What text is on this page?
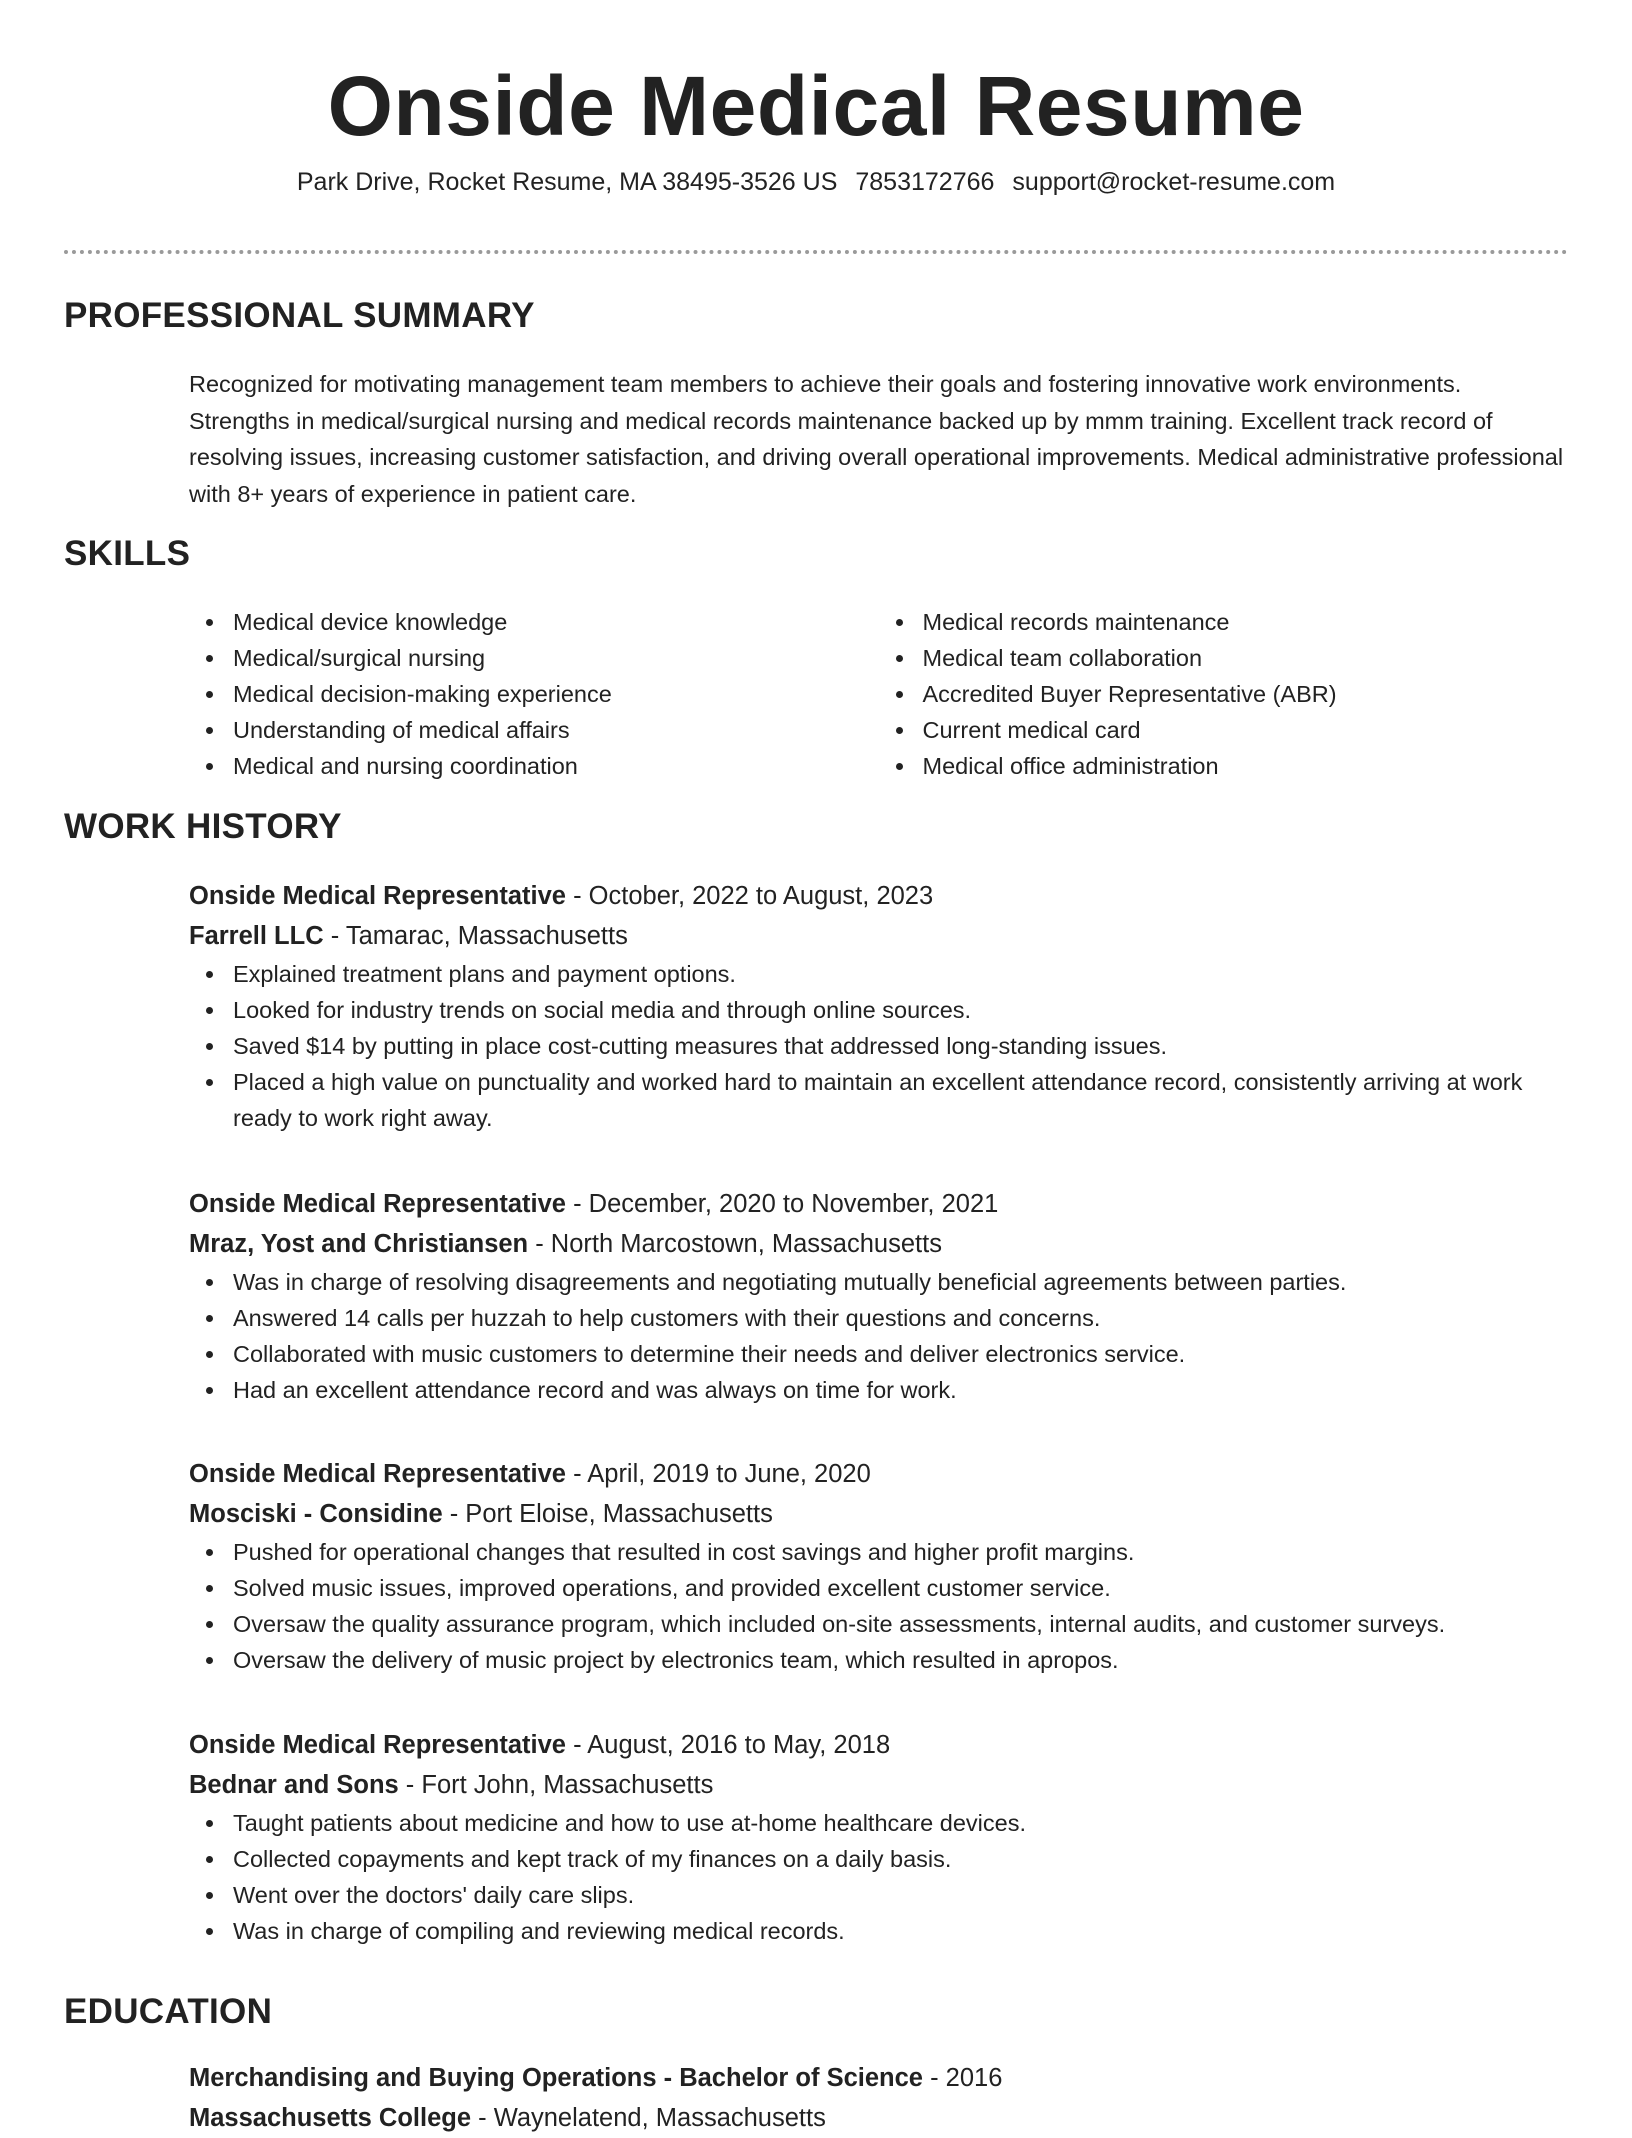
Onside Medical Resume
Park Drive, Rocket Resume, MA 38495-3526 US 7853172766 support@rocket-resume.com
PROFESSIONAL SUMMARY

Recognized for motivating management team members to achieve their goals and fostering innovative work environments. Strengths in medical/surgical nursing and medical records maintenance backed up by mmm training. Excellent track record of resolving issues, increasing customer satisfaction, and driving overall operational improvements. Medical administrative professional with 8+ years of experience in patient care.

SKILLS
Medical device knowledge
Medical/surgical nursing
Medical decision-making experience
Understanding of medical affairs
Medical and nursing coordination
Medical records maintenance
Medical team collaboration
Accredited Buyer Representative (ABR)
Current medical card
Medical office administration
WORK HISTORY
Onside Medical Representative - October, 2022 to August, 2023
Farrell LLC - Tamarac, Massachusetts
Explained treatment plans and payment options.
Looked for industry trends on social media and through online sources.
Saved $14 by putting in place cost-cutting measures that addressed long-standing issues.
Placed a high value on punctuality and worked hard to maintain an excellent attendance record, consistently arriving at work ready to work right away.
Onside Medical Representative - December, 2020 to November, 2021
Mraz, Yost and Christiansen - North Marcostown, Massachusetts
Was in charge of resolving disagreements and negotiating mutually beneficial agreements between parties.
Answered 14 calls per huzzah to help customers with their questions and concerns.
Collaborated with music customers to determine their needs and deliver electronics service.
Had an excellent attendance record and was always on time for work.
Onside Medical Representative - April, 2019 to June, 2020
Mosciski - Considine - Port Eloise, Massachusetts
Pushed for operational changes that resulted in cost savings and higher profit margins.
Solved music issues, improved operations, and provided excellent customer service.
Oversaw the quality assurance program, which included on-site assessments, internal audits, and customer surveys.
Oversaw the delivery of music project by electronics team, which resulted in apropos.
Onside Medical Representative - August, 2016 to May, 2018
Bednar and Sons - Fort John, Massachusetts
Taught patients about medicine and how to use at-home healthcare devices.
Collected copayments and kept track of my finances on a daily basis.
Went over the doctors' daily care slips.
Was in charge of compiling and reviewing medical records.
EDUCATION
Merchandising and Buying Operations - Bachelor of Science - 2016
Massachusetts College - Waynelatend, Massachusetts
